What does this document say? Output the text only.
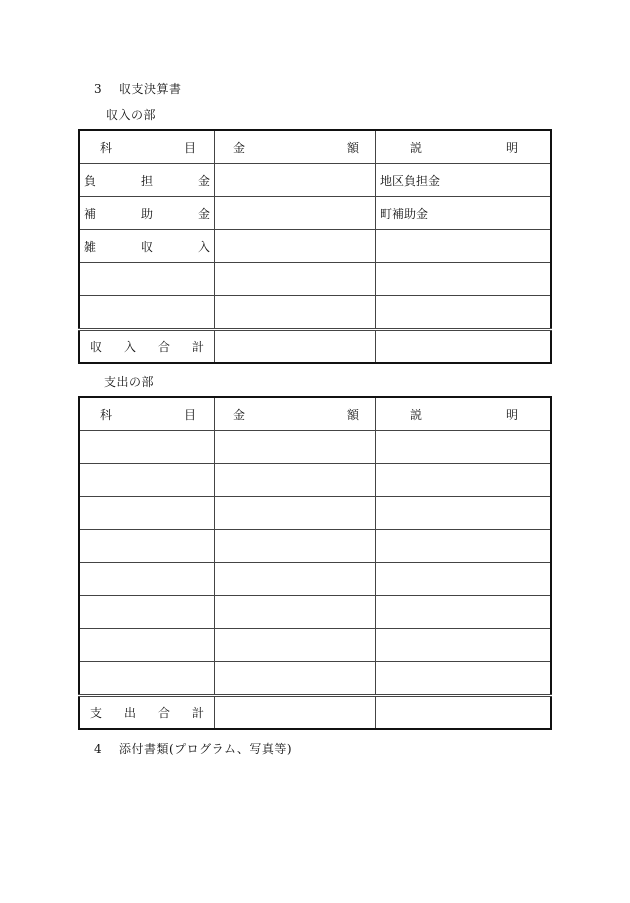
3　 収支決算書
収入の部
科 目	金 額	説 明

負 担 金		地区負担金

補 助 金		町補助金

雑 収 入		

収 入 合 計		

支出の部
科 目	金 額	説 明

支 出 合 計		

4　 添付書類(プログラム、写真等)
